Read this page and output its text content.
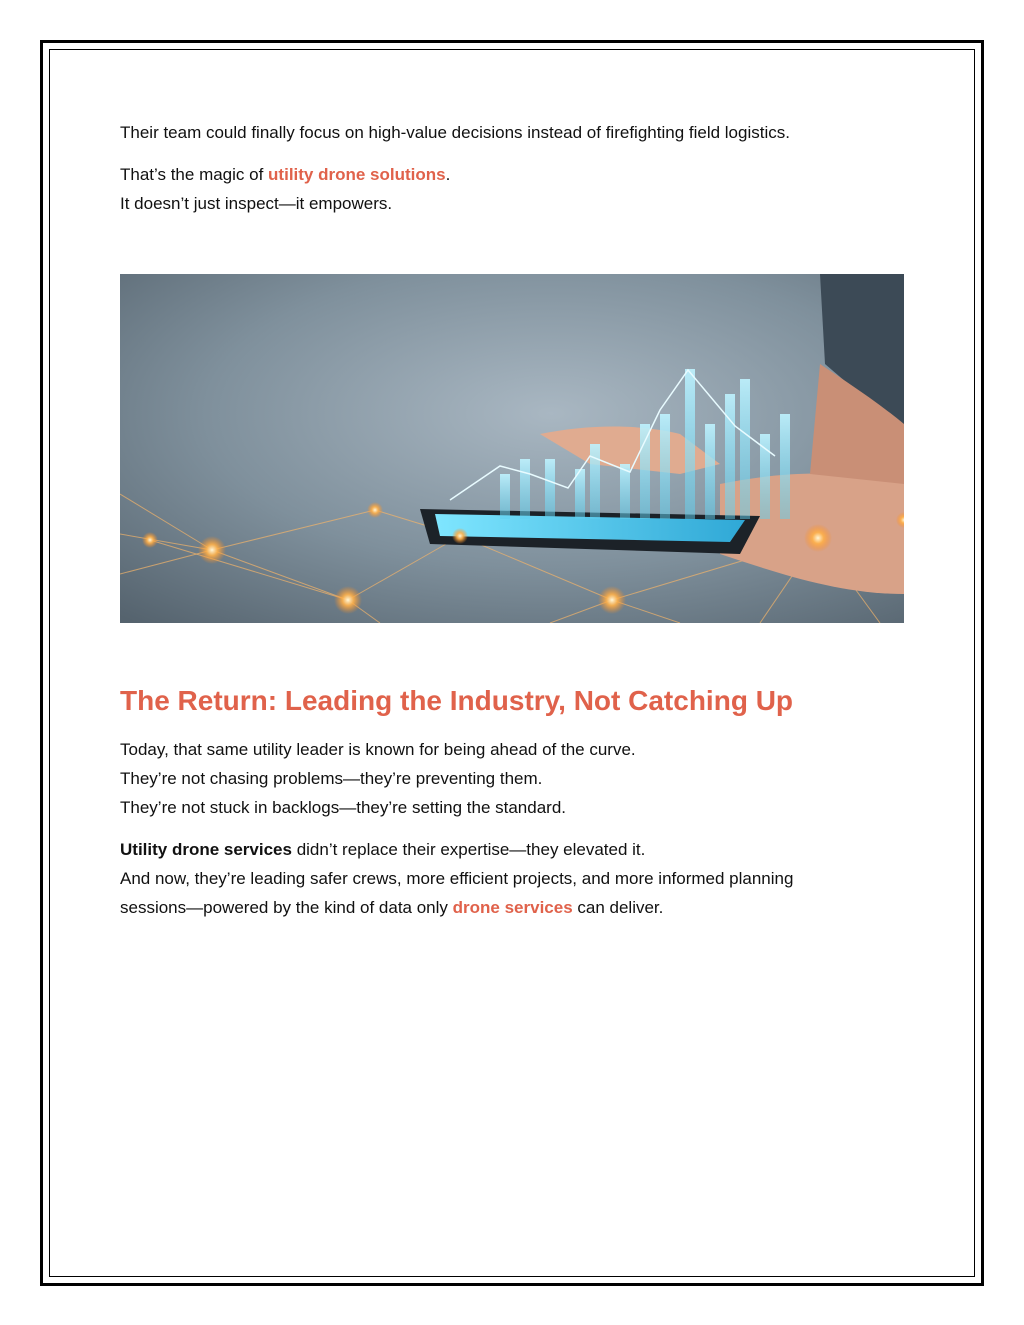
Their team could finally focus on high-value decisions instead of firefighting field logistics.

That’s the magic of utility drone solutions.

It doesn’t just inspect—it empowers.

The Return: Leading the Industry, Not Catching Up

Today, that same utility leader is known for being ahead of the curve.

They’re not chasing problems—they’re preventing them.

They’re not stuck in backlogs—they’re setting the standard.

Utility drone services didn’t replace their expertise—they elevated it.

And now, they’re leading safer crews, more efficient projects, and more informed planning

sessions—powered by the kind of data only drone services can deliver.
